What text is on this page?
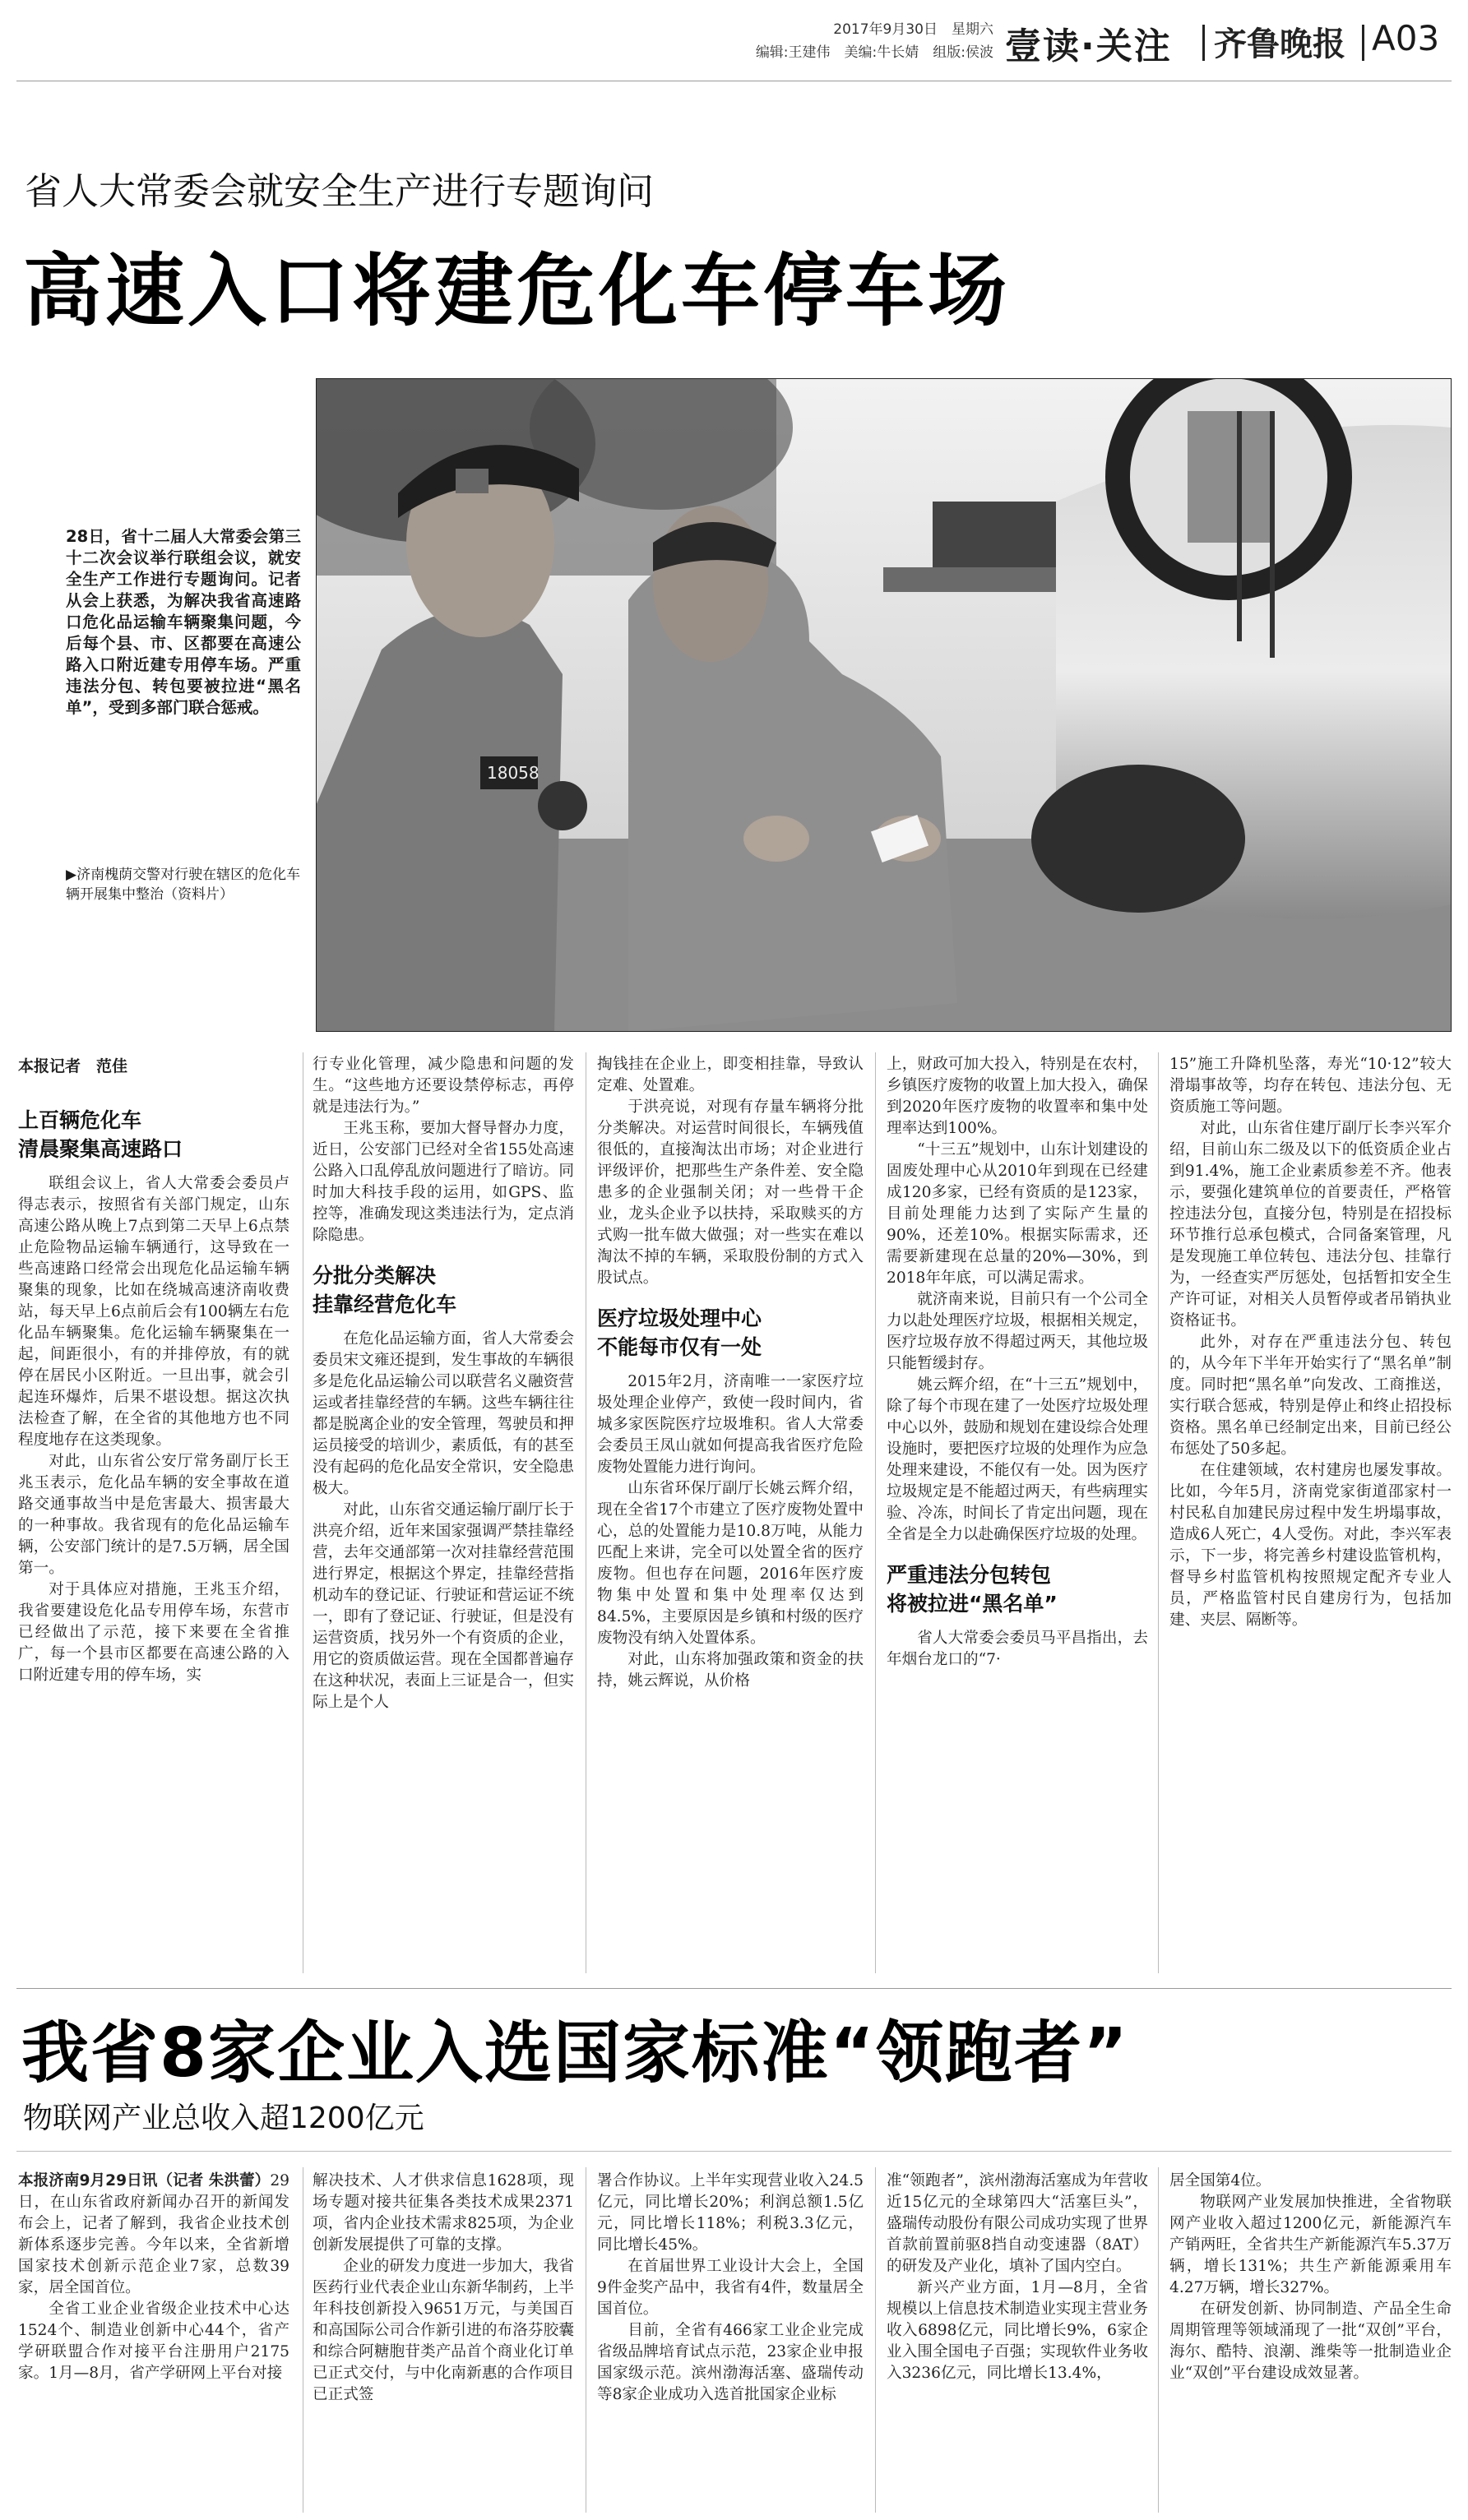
2017年9月30日　星期六
编辑:王建伟　美编:牛长婧　组版:侯波 壹读·关注 齐鲁晚报 A03
省人大常委会就安全生产进行专题询问
高速入口将建危化车停车场
28日，省十二届人大常委会第三十二次会议举行联组会议，就安全生产工作进行专题询问。记者从会上获悉，为解决我省高速路口危化品运输车辆聚集问题，今后每个县、市、区都要在高速公路入口附近建专用停车场。严重违法分包、转包要被拉进“黑名单”，受到多部门联合惩戒。
▶济南槐荫交警对行驶在辖区的危化车辆开展集中整治（资料片）
18058
本报记者　范佳

上百辆危化车
清晨聚集高速路口

联组会议上，省人大常委会委员卢得志表示，按照省有关部门规定，山东高速公路从晚上7点到第二天早上6点禁止危险物品运输车辆通行，这导致在一些高速路口经常会出现危化品运输车辆聚集的现象，比如在绕城高速济南收费站，每天早上6点前后会有100辆左右危化品车辆聚集。危化运输车辆聚集在一起，间距很小，有的并排停放，有的就停在居民小区附近。一旦出事，就会引起连环爆炸，后果不堪设想。据这次执法检查了解，在全省的其他地方也不同程度地存在这类现象。

对此，山东省公安厅常务副厅长王兆玉表示，危化品车辆的安全事故在道路交通事故当中是危害最大、损害最大的一种事故。我省现有的危化品运输车辆，公安部门统计的是7.5万辆，居全国第一。

对于具体应对措施，王兆玉介绍，我省要建设危化品专用停车场，东营市已经做出了示范，接下来要在全省推广，每一个县市区都要在高速公路的入口附近建专用的停车场，实

行专业化管理，减少隐患和问题的发生。“这些地方还要设禁停标志，再停就是违法行为。”

王兆玉称，要加大督导督办力度，近日，公安部门已经对全省155处高速公路入口乱停乱放问题进行了暗访。同时加大科技手段的运用，如GPS、监控等，准确发现这类违法行为，定点消除隐患。

分批分类解决
挂靠经营危化车

在危化品运输方面，省人大常委会委员宋文雍还提到，发生事故的车辆很多是危化品运输公司以联营名义融资营运或者挂靠经营的车辆。这些车辆往往都是脱离企业的安全管理，驾驶员和押运员接受的培训少，素质低，有的甚至没有起码的危化品安全常识，安全隐患极大。

对此，山东省交通运输厅副厅长于洪亮介绍，近年来国家强调严禁挂靠经营，去年交通部第一次对挂靠经营范围进行界定，根据这个界定，挂靠经营指机动车的登记证、行驶证和营运证不统一，即有了登记证、行驶证，但是没有运营资质，找另外一个有资质的企业，用它的资质做运营。现在全国都普遍存在这种状况，表面上三证是合一，但实际上是个人

掏钱挂在企业上，即变相挂靠，导致认定难、处置难。

于洪亮说，对现有存量车辆将分批分类解决。对运营时间很长，车辆残值很低的，直接淘汰出市场；对企业进行评级评价，把那些生产条件差、安全隐患多的企业强制关闭；对一些骨干企业，龙头企业予以扶持，采取赎买的方式购一批车做大做强；对一些实在难以淘汰不掉的车辆，采取股份制的方式入股试点。

医疗垃圾处理中心
不能每市仅有一处

2015年2月，济南唯一一家医疗垃圾处理企业停产，致使一段时间内，省城多家医院医疗垃圾堆积。省人大常委会委员王凤山就如何提高我省医疗危险废物处置能力进行询问。

山东省环保厅副厅长姚云辉介绍，现在全省17个市建立了医疗废物处置中心，总的处置能力是10.8万吨，从能力匹配上来讲，完全可以处置全省的医疗废物。但也存在问题，2016年医疗废物集中处置和集中处理率仅达到84.5%，主要原因是乡镇和村级的医疗废物没有纳入处置体系。

对此，山东将加强政策和资金的扶持，姚云辉说，从价格

上，财政可加大投入，特别是在农村，乡镇医疗废物的收置上加大投入，确保到2020年医疗废物的收置率和集中处理率达到100%。

“十三五”规划中，山东计划建设的固废处理中心从2010年到现在已经建成120多家，已经有资质的是123家，目前处理能力达到了实际产生量的90%，还差10%。根据实际需求，还需要新建现在总量的20%—30%，到2018年年底，可以满足需求。

就济南来说，目前只有一个公司全力以赴处理医疗垃圾，根据相关规定，医疗垃圾存放不得超过两天，其他垃圾只能暂缓封存。

姚云辉介绍，在“十三五”规划中，除了每个市现在建了一处医疗垃圾处理中心以外，鼓励和规划在建设综合处理设施时，要把医疗垃圾的处理作为应急处理来建设，不能仅有一处。因为医疗垃圾规定是不能超过两天，有些病理实验、冷冻，时间长了肯定出问题，现在全省是全力以赴确保医疗垃圾的处理。

严重违法分包转包
将被拉进“黑名单”

省人大常委会委员马平昌指出，去年烟台龙口的“7·

15”施工升降机坠落，寿光“10·12”较大滑塌事故等，均存在转包、违法分包、无资质施工等问题。

对此，山东省住建厅副厅长李兴军介绍，目前山东二级及以下的低资质企业占到91.4%，施工企业素质参差不齐。他表示，要强化建筑单位的首要责任，严格管控违法分包，直接分包，特别是在招投标环节推行总承包模式，合同备案管理，凡是发现施工单位转包、违法分包、挂靠行为，一经查实严厉惩处，包括暂扣安全生产许可证，对相关人员暂停或者吊销执业资格证书。

此外，对存在严重违法分包、转包的，从今年下半年开始实行了“黑名单”制度。同时把“黑名单”向发改、工商推送，实行联合惩戒，特别是停止和终止招投标资格。黑名单已经制定出来，目前已经公布惩处了50多起。

在住建领域，农村建房也屡发事故。比如，今年5月，济南党家街道邵家村一村民私自加建民房过程中发生坍塌事故，造成6人死亡，4人受伤。对此，李兴军表示，下一步，将完善乡村建设监管机构，督导乡村监管机构按照规定配齐专业人员，严格监管村民自建房行为，包括加建、夹层、隔断等。

我省8家企业入选国家标准“领跑者”
物联网产业总收入超1200亿元

本报济南9月29日讯（记者 朱洪蕾）29日，在山东省政府新闻办召开的新闻发布会上，记者了解到，我省企业技术创新体系逐步完善。今年以来，全省新增国家技术创新示范企业7家，总数39家，居全国首位。

全省工业企业省级企业技术中心达1524个、制造业创新中心44个，省产学研联盟合作对接平台注册用户2175家。1月—8月，省产学研网上平台对接

解决技术、人才供求信息1628项，现场专题对接共征集各类技术成果2371项，省内企业技术需求825项，为企业创新发展提供了可靠的支撑。

企业的研发力度进一步加大，我省医药行业代表企业山东新华制药，上半年科技创新投入9651万元，与美国百和高国际公司合作新引进的布洛芬胶囊和综合阿糖胞苷类产品首个商业化订单已正式交付，与中化南新惠的合作项目已正式签

署合作协议。上半年实现营业收入24.5亿元，同比增长20%；利润总额1.5亿元，同比增长118%；利税3.3亿元，同比增长45%。

在首届世界工业设计大会上，全国9件金奖产品中，我省有4件，数量居全国首位。

目前，全省有466家工业企业完成省级品牌培育试点示范，23家企业申报国家级示范。滨州渤海活塞、盛瑞传动等8家企业成功入选首批国家企业标

准“领跑者”，滨州渤海活塞成为年营收近15亿元的全球第四大“活塞巨头”，盛瑞传动股份有限公司成功实现了世界首款前置前驱8挡自动变速器（8AT）的研发及产业化，填补了国内空白。

新兴产业方面，1月—8月，全省规模以上信息技术制造业实现主营业务收入6898亿元，同比增长9%，6家企业入围全国电子百强；实现软件业务收入3236亿元，同比增长13.4%，

居全国第4位。

物联网产业发展加快推进，全省物联网产业收入超过1200亿元，新能源汽车产销两旺，全省共生产新能源汽车5.37万辆，增长131%；共生产新能源乘用车4.27万辆，增长327%。

在研发创新、协同制造、产品全生命周期管理等领域涌现了一批“双创”平台，海尔、酷特、浪潮、潍柴等一批制造业企业“双创”平台建设成效显著。
